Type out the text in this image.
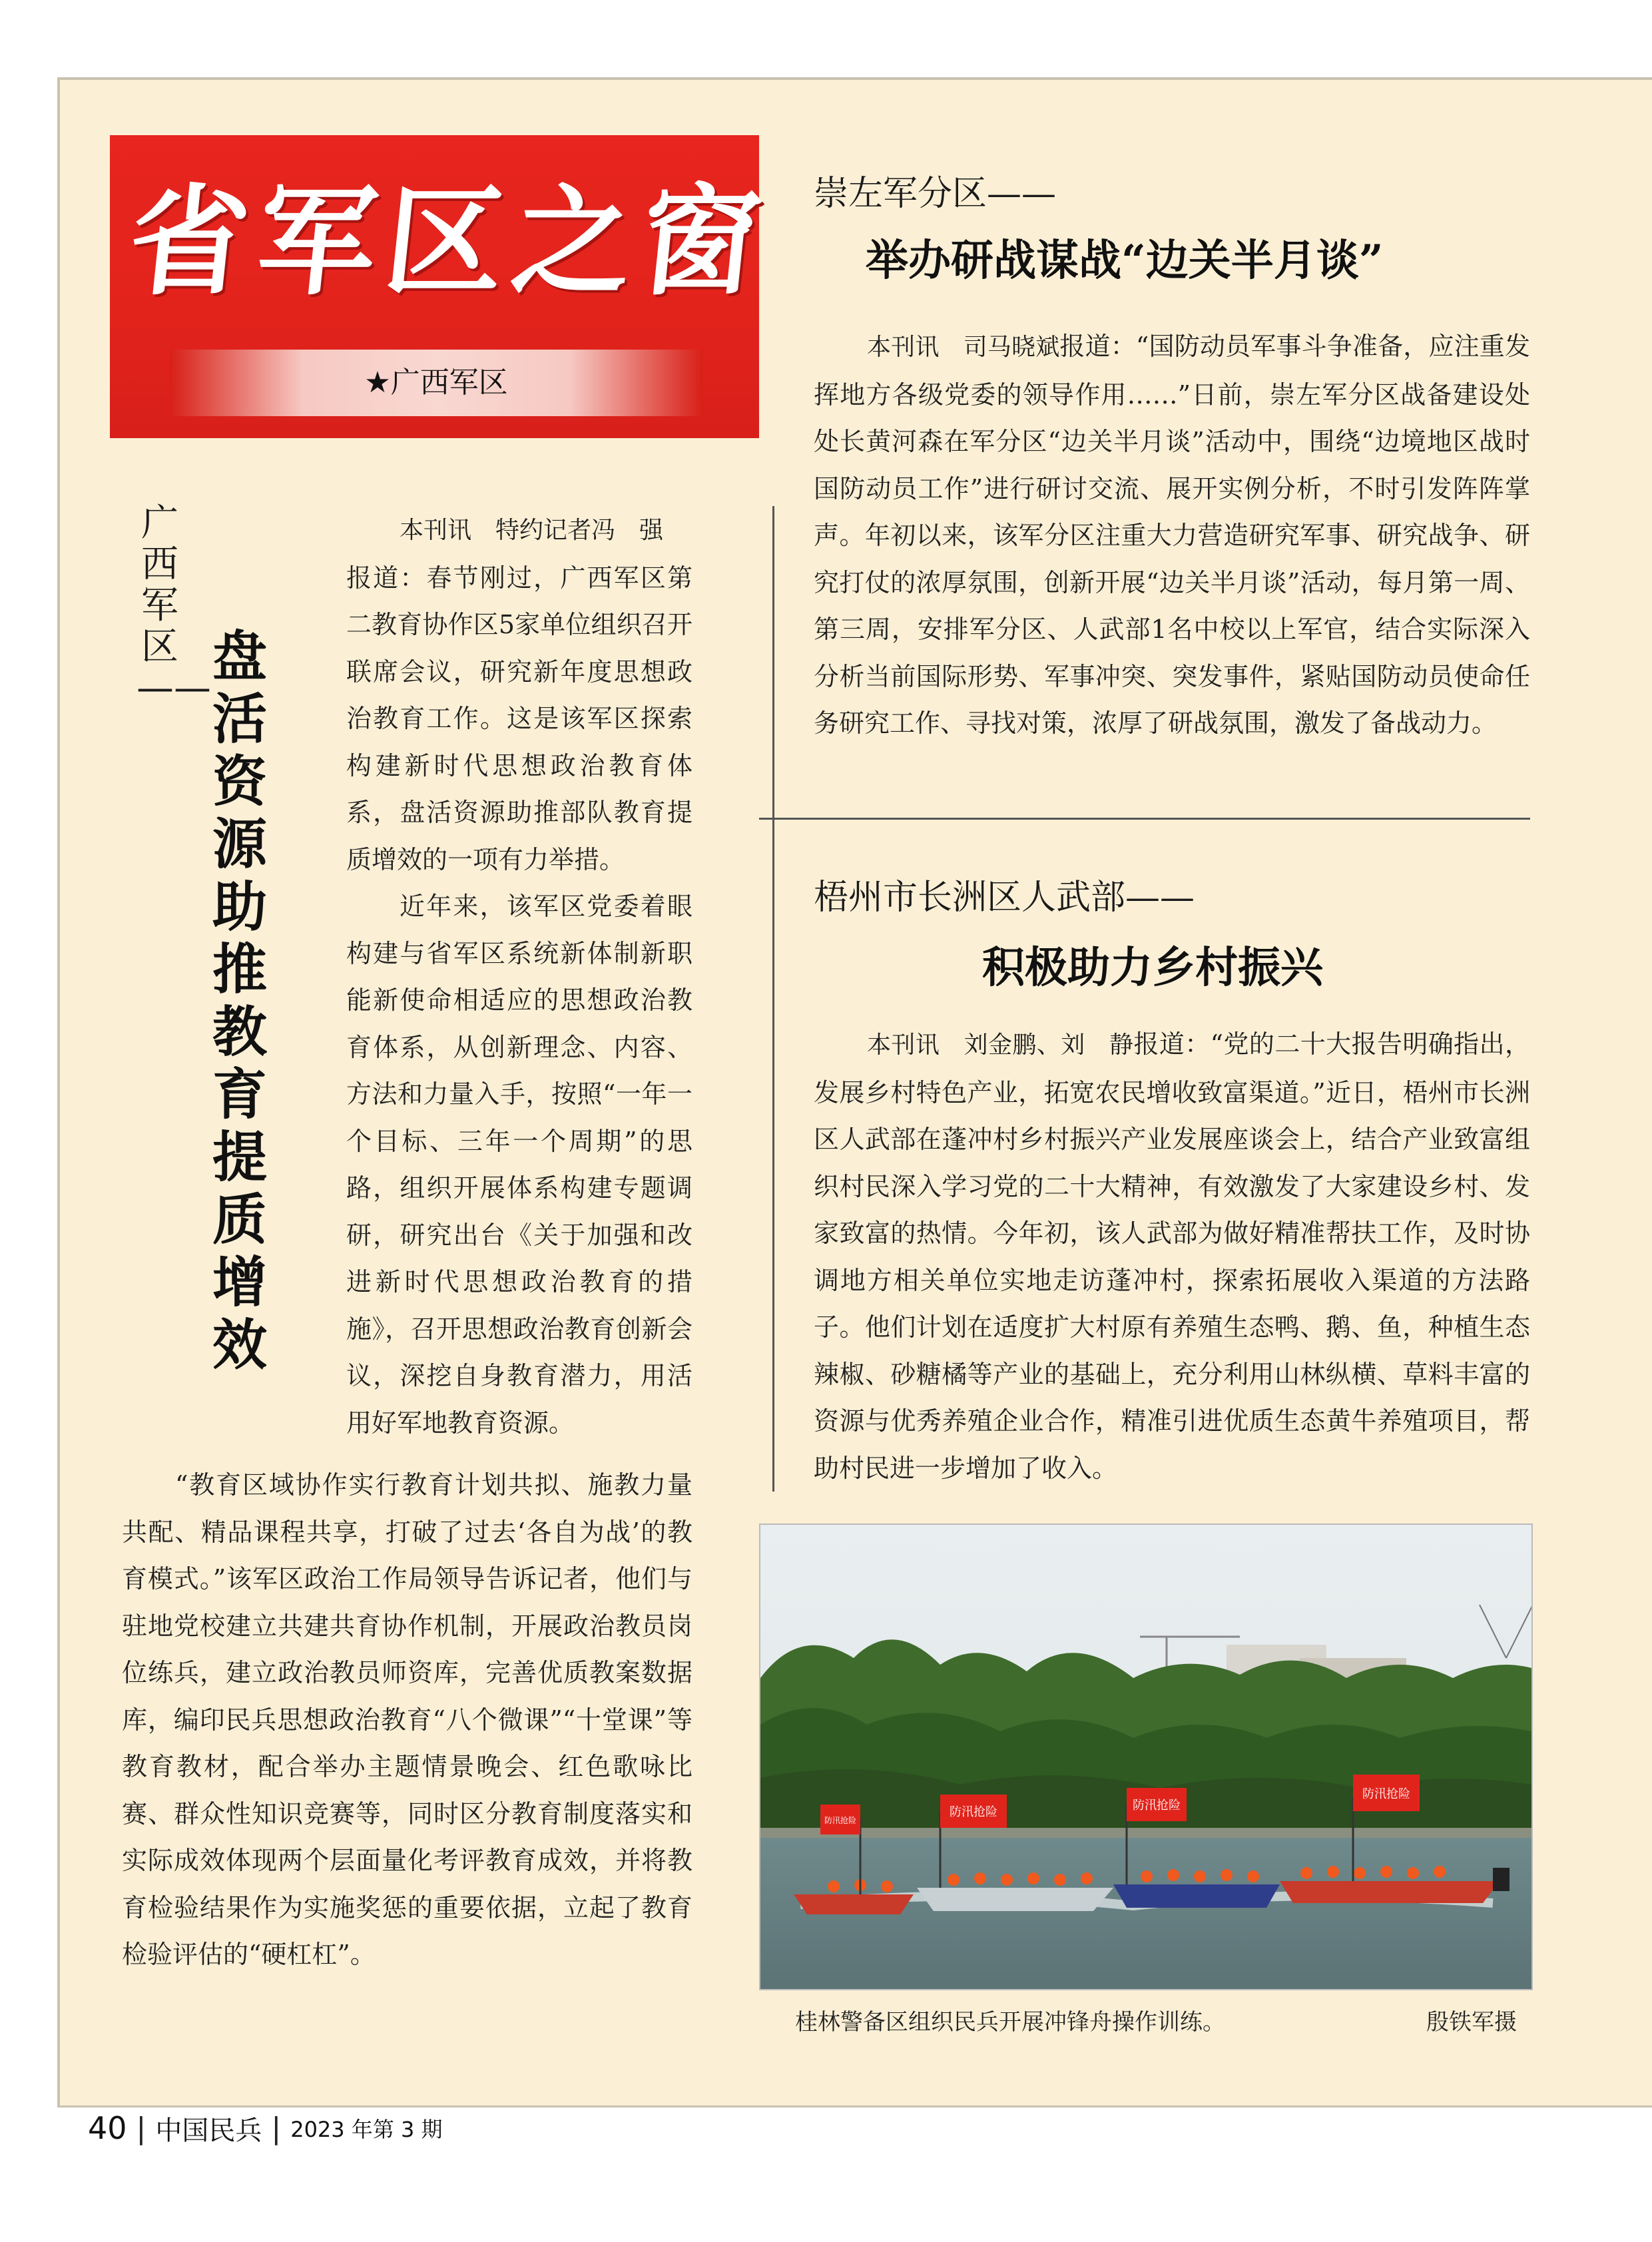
省军区之窗
★广西军区
广西军区—— 盘活资源助推教育提质增效

本刊讯　特约记者冯　强

报道：春节刚过，广西军区第二教育协作区5家单位组织召开联席会议，研究新年度思想政治教育工作。这是该军区探索构建新时代思想政治教育体系，盘活资源助推部队教育提质增效的一项有力举措。

近年来，该军区党委着眼构建与省军区系统新体制新职能新使命相适应的思想政治教育体系，从创新理念、内容、方法和力量入手，按照“一年一个目标、三年一个周期”的思路，组织开展体系构建专题调研，研究出台《关于加强和改进新时代思想政治教育的措施》，召开思想政治教育创新会议，深挖自身教育潜力，用活用好军地教育资源。

“教育区域协作实行教育计划共拟、施教力量共配、精品课程共享，打破了过去‘各自为战’的教育模式。”该军区政治工作局领导告诉记者，他们与驻地党校建立共建共育协作机制，开展政治教员岗位练兵，建立政治教员师资库，完善优质教案数据库，编印民兵思想政治教育“八个微课”“十堂课”等教育教材，配合举办主题情景晚会、红色歌咏比赛、群众性知识竞赛等，同时区分教育制度落实和实际成效体现两个层面量化考评教育成效，并将教育检验结果作为实施奖惩的重要依据，立起了教育检验评估的“硬杠杠”。

崇左军分区——
举办研战谋战“边关半月谈”

本刊讯　司马晓斌报道：“国防动员军事斗争准备，应注重发挥地方各级党委的领导作用……”日前，崇左军分区战备建设处处长黄河森在军分区“边关半月谈”活动中，围绕“边境地区战时国防动员工作”进行研讨交流、展开实例分析，不时引发阵阵掌声。年初以来，该军分区注重大力营造研究军事、研究战争、研究打仗的浓厚氛围，创新开展“边关半月谈”活动，每月第一周、第三周，安排军分区、人武部1名中校以上军官，结合实际深入分析当前国际形势、军事冲突、突发事件，紧贴国防动员使命任务研究工作、寻找对策，浓厚了研战氛围，激发了备战动力。

梧州市长洲区人武部——
积极助力乡村振兴

本刊讯　刘金鹏、刘　静报道：“党的二十大报告明确指出，发展乡村特色产业，拓宽农民增收致富渠道。”近日，梧州市长洲区人武部在蓬冲村乡村振兴产业发展座谈会上，结合产业致富组织村民深入学习党的二十大精神，有效激发了大家建设乡村、发家致富的热情。今年初，该人武部为做好精准帮扶工作，及时协调地方相关单位实地走访蓬冲村，探索拓展收入渠道的方法路子。他们计划在适度扩大村原有养殖生态鸭、鹅、鱼，种植生态辣椒、砂糖橘等产业的基础上，充分利用山林纵横、草料丰富的资源与优秀养殖企业合作，精准引进优质生态黄牛养殖项目，帮助村民进一步增加了收入。

防汛抢险	防汛抢险
防汛抢险
防汛抢险
桂林警备区组织民兵开展冲锋舟操作训练。	殷铁军摄
40 | 中国民兵 | 2023 年第 3 期
